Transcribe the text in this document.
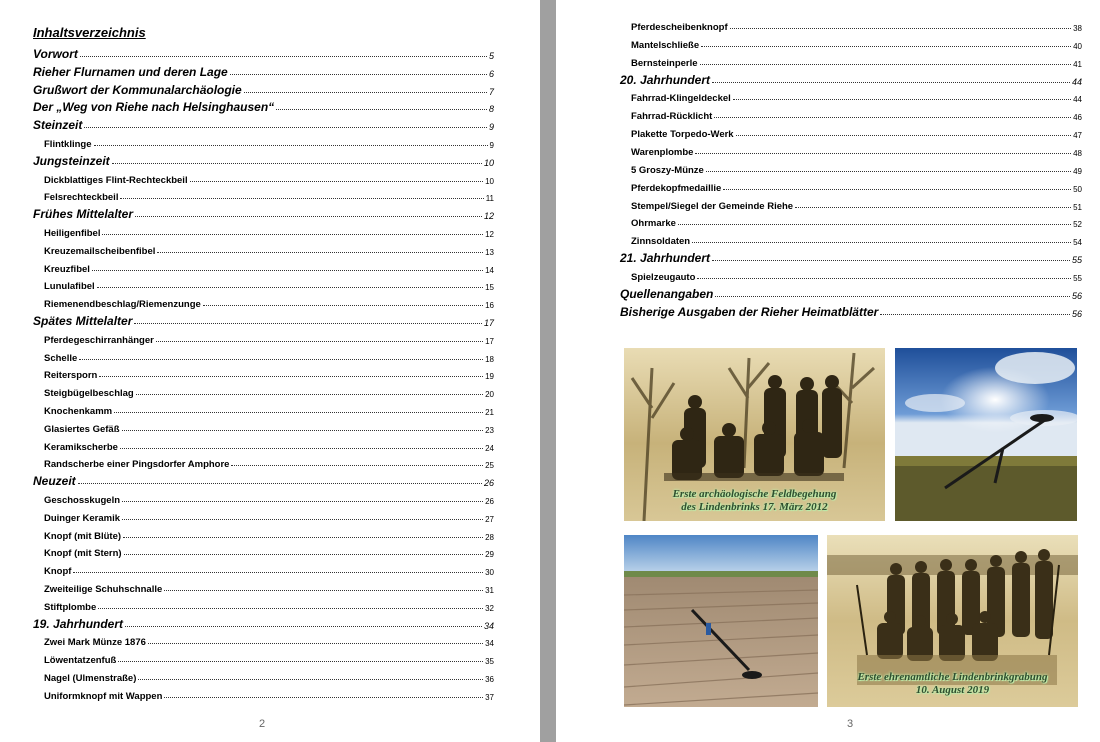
Inhaltsverzeichnis
Vorwort	5
Rieher Flurnamen und deren Lage	6
Grußwort der Kommunalarchäologie	7
Der „Weg von Riehe nach Helsinghausen“	8
Steinzeit	9
Flintklinge	9
Jungsteinzeit	10
Dickblattiges Flint-Rechteckbeil	10
Felsrechteckbeil	11
Frühes Mittelalter	12
Heiligenfibel	12
Kreuzemailscheibenfibel	13
Kreuzfibel	14
Lunulafibel	15
Riemenendbeschlag/Riemenzunge	16
Spätes Mittelalter	17
Pferdegeschirranhänger	17
Schelle	18
Reitersporn	19
Steigbügelbeschlag	20
Knochenkamm	21
Glasiertes Gefäß	23
Keramikscherbe	24
Randscherbe einer Pingsdorfer Amphore	25
Neuzeit	26
Geschosskugeln	26
Duinger Keramik	27
Knopf (mit Blüte)	28
Knopf (mit Stern)	29
Knopf	30
Zweiteilige Schuhschnalle	31
Stiftplombe	32
19. Jahrhundert	34
Zwei Mark Münze 1876	34
Löwentatzenfuß	35
Nagel (Ulmenstraße)	36
Uniformknopf mit Wappen	37
2
Pferdescheibenknopf	38
Mantelschließe	40
Bernsteinperle	41
20. Jahrhundert	44
Fahrrad-Klingeldeckel	44
Fahrrad-Rücklicht	46
Plakette Torpedo-Werk	47
Warenplombe	48
5 Groszy-Münze	49
Pferdekopfmedaillie	50
Stempel/Siegel der Gemeinde Riehe	51
Ohrmarke	52
Zinnsoldaten	54
21. Jahrhundert	55
Spielzeugauto	55
Quellenangaben	56
Bisherige Ausgaben der Rieher Heimatblätter	56
Erste archäologische Feldbegehung
des Lindenbrinks 17. März 2012
Erste ehrenamtliche Lindenbrinkgrabung
10. August 2019
3
